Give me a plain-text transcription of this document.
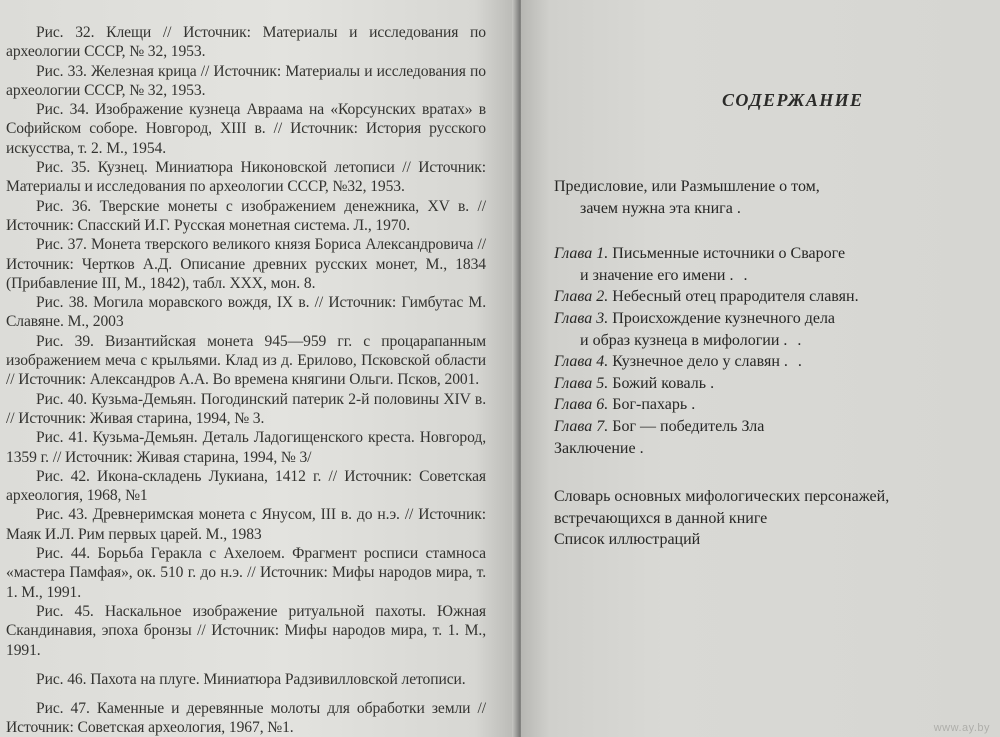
Рис. 32. Клещи // Источник: Материалы и исследования по археологии СССР, № 32, 1953.

Рис. 33. Железная крица // Источник: Материалы и исследования по археологии СССР, № 32, 1953.

Рис. 34. Изображение кузнеца Авраама на «Корсунских вратах» в Софийском соборе. Новгород, XIII в. // Источник: История русского искусства, т. 2. М., 1954.

Рис. 35. Кузнец. Миниатюра Никоновской летописи // Источник: Материалы и исследования по археологии СССР, №32, 1953.

Рис. 36. Тверские монеты с изображением денежника, XV в. // Источник: Спасский И.Г. Русская монетная система. Л., 1970.

Рис. 37. Монета тверского великого князя Бориса Александровича // Источник: Чертков А.Д. Описание древних русских монет, М., 1834 (Прибавление III, М., 1842), табл. XXX, мон. 8.

Рис. 38. Могила моравского вождя, IX в. // Источник: Гимбутас М. Славяне. М., 2003

Рис. 39. Византийская монета 945—959 гг. с процарапанным изображением меча с крыльями. Клад из д. Ерилово, Псковской области // Источник: Александров А.А. Во времена княгини Ольги. Псков, 2001.

Рис. 40. Кузьма-Демьян. Погодинский патерик 2-й половины XIV в. // Источник: Живая старина, 1994, № 3.

Рис. 41. Кузьма-Демьян. Деталь Ладогищенского креста. Новгород, 1359 г. // Источник: Живая старина, 1994, № 3/

Рис. 42. Икона-складень Лукиана, 1412 г. // Источник: Советская археология, 1968, №1

Рис. 43. Древнеримская монета с Янусом, III в. до н.э. // Источник: Маяк И.Л. Рим первых царей. М., 1983

Рис. 44. Борьба Геракла с Ахелоем. Фрагмент росписи стамноса «мастера Памфая», ок. 510 г. до н.э. // Источник: Мифы народов мира, т. 1. М., 1991.

Рис. 45. Наскальное изображение ритуальной пахоты. Южная Скандинавия, эпоха бронзы // Источник: Мифы народов мира, т. 1. М., 1991.

Рис. 46. Пахота на плуге. Миниатюра Радзивилловской летописи.

Рис. 47. Каменные и деревянные молоты для обработки земли // Источник: Советская археология, 1967, №1.

СОДЕРЖАНИЕ
Предисловие, или Размышление о том,
зачем нужна эта книга .
Глава 1. Письменные источники о Свароге
и значение его имени . .
Глава 2. Небесный отец прародителя славян.
Глава 3. Происхождение кузнечного дела
и образ кузнеца в мифологии . .
Глава 4. Кузнечное дело у славян . .
Глава 5. Божий коваль .
Глава 6. Бог-пахарь .
Глава 7. Бог — победитель Зла
Заключение .
Словарь основных мифологических персонажей,
встречающихся в данной книге
Список иллюстраций
www.ay.by
